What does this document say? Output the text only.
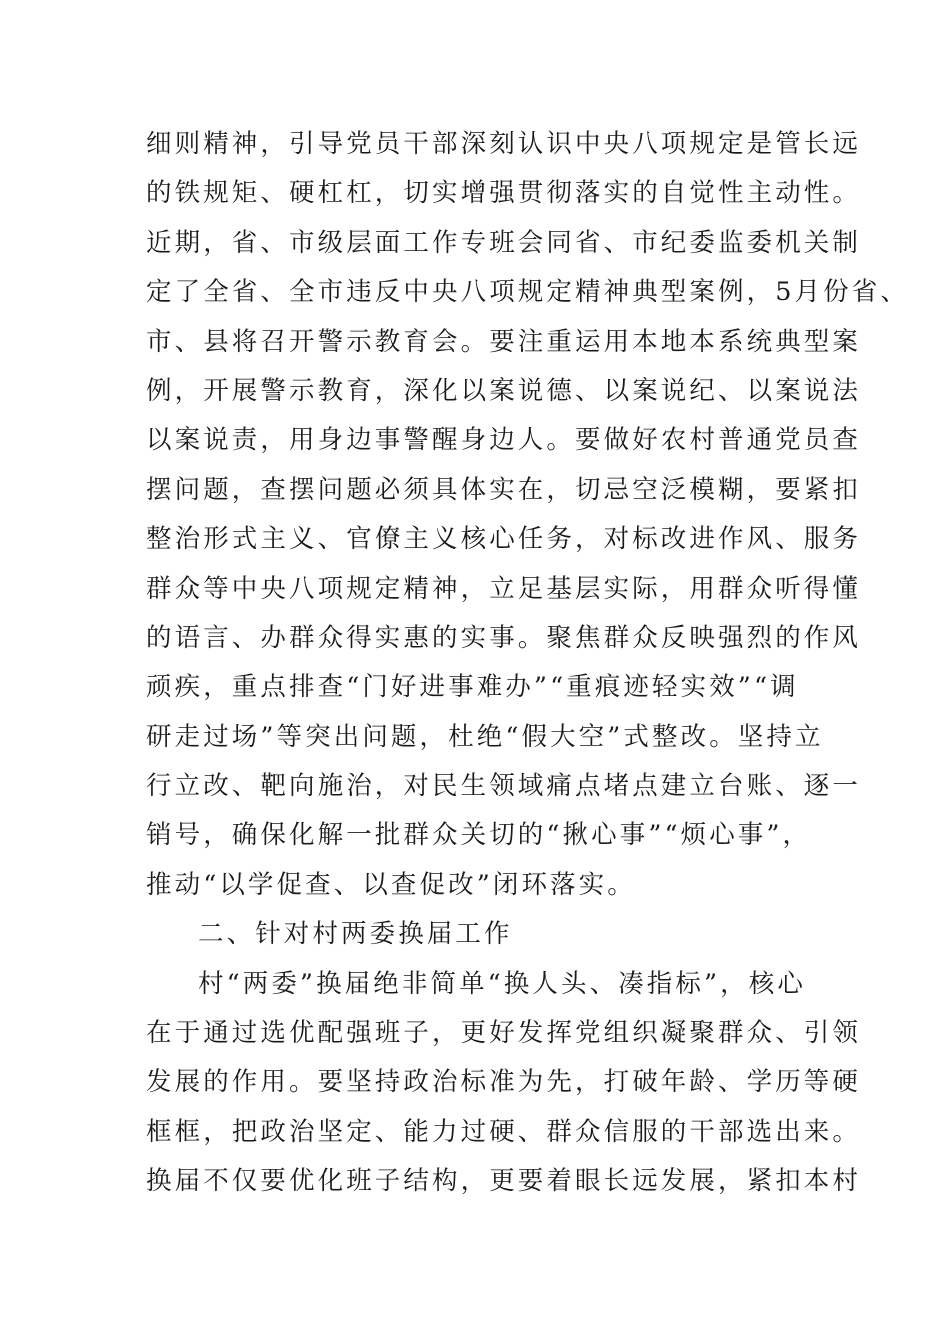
细则精神，引导党员干部深刻认识中央八项规定是管长远
的铁规矩、硬杠杠，切实增强贯彻落实的自觉性主动性。
近期，省、市级层面工作专班会同省、市纪委监委机关制
定了全省、全市违反中央八项规定精神典型案例，5月份省、
市、县将召开警示教育会。要注重运用本地本系统典型案
例，开展警示教育，深化以案说德、以案说纪、以案说法
以案说责，用身边事警醒身边人。要做好农村普通党员查
摆问题，查摆问题必须具体实在，切忌空泛模糊，要紧扣
整治形式主义、官僚主义核心任务，对标改进作风、服务
群众等中央八项规定精神，立足基层实际，用群众听得懂
的语言、办群众得实惠的实事。聚焦群众反映强烈的作风
顽疾，重点排查“门好进事难办”“重痕迹轻实效”“调
研走过场”等突出问题，杜绝“假大空”式整改。坚持立
行立改、靶向施治，对民生领域痛点堵点建立台账、逐一
销号，确保化解一批群众关切的“揪心事”“烦心事”，
推动“以学促查、以查促改”闭环落实。
二、针对村两委换届工作
村“两委”换届绝非简单“换人头、凑指标”，核心
在于通过选优配强班子，更好发挥党组织凝聚群众、引领
发展的作用。要坚持政治标准为先，打破年龄、学历等硬
框框，把政治坚定、能力过硬、群众信服的干部选出来。
换届不仅要优化班子结构，更要着眼长远发展，紧扣本村
